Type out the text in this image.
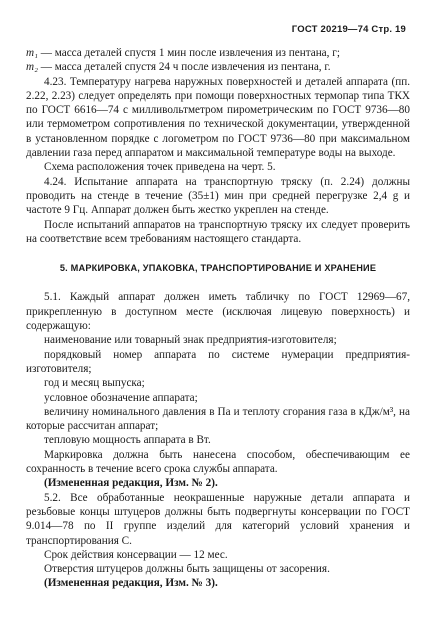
ГОСТ 20219—74 Стр. 19

m₁ — масса деталей спустя 1 мин после извлечения из пентана, г;

m₂ — масса деталей спустя 24 ч после извлечения из пентана, г.

4.23. Температуру нагрева наружных поверхностей и деталей аппарата (пп. 2.22, 2.23) следует определять при помощи поверхностных термопар типа ТКХ по ГОСТ 6616—74 с милливольтметром пирометрическим по ГОСТ 9736—80 или термометром сопротивления по технической документации, утвержденной в установленном порядке с логометром по ГОСТ 9736—80 при максимальном давлении газа перед аппаратом и максимальной температуре воды на выходе.

Схема расположения точек приведена на черт. 5.

4.24. Испытание аппарата на транспортную тряску (п. 2.24) должны проводить на стенде в течение (35±1) мин при средней перегрузке 2,4 g и частоте 9 Гц. Аппарат должен быть жестко укреплен на стенде.

После испытаний аппаратов на транспортную тряску их следует проверить на соответствие всем требованиям настоящего стандарта.

5. МАРКИРОВКА, УПАКОВКА, ТРАНСПОРТИРОВАНИЕ И ХРАНЕНИЕ

5.1. Каждый аппарат должен иметь табличку по ГОСТ 12969—67, прикрепленную в доступном месте (исключая лицевую поверхность) и содержащую:

наименование или товарный знак предприятия-изготовителя;

порядковый номер аппарата по системе нумерации предприятия-изготовителя;

год и месяц выпуска;

условное обозначение аппарата;

величину номинального давления в Па и теплоту сгорания газа в кДж/м³, на которые рассчитан аппарат;

тепловую мощность аппарата в Вт.

Маркировка должна быть нанесена способом, обеспечивающим ее сохранность в течение всего срока службы аппарата.

(Измененная редакция, Изм. № 2).

5.2. Все обработанные неокрашенные наружные детали аппарата и резьбовые концы штуцеров должны быть подвергнуты консервации по ГОСТ 9.014—78 по II группе изделий для категорий условий хранения и транспортирования С.

Срок действия консервации — 12 мес.

Отверстия штуцеров должны быть защищены от засорения.

(Измененная редакция, Изм. № 3).
